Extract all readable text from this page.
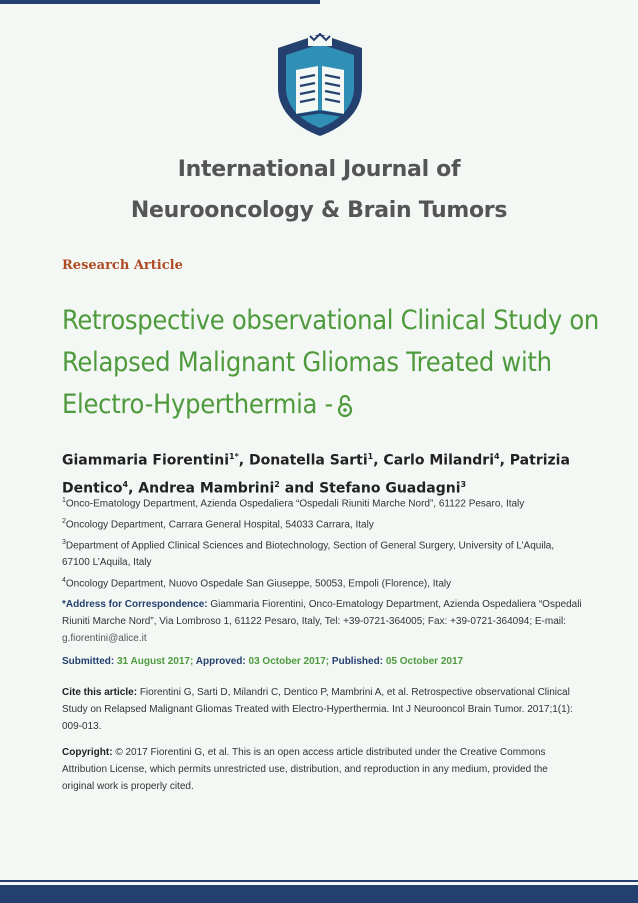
International Journal of
Neurooncology & Brain Tumors
Research Article
Retrospective observational Clinical Study on Relapsed Malignant Gliomas Treated with Electro-Hyperthermia -
Giammaria Fiorentini$^{1*}$, Donatella Sarti$^1$, Carlo Milandri$^4$, Patrizia Dentico$^4$, Andrea Mambrini$^2$ and Stefano Guadagni$^3$
$^1$Onco-Ematology Department, Azienda Ospedaliera “Ospedali Riuniti Marche Nord”, 61122 Pesaro, Italy
$^2$Oncology Department, Carrara General Hospital, 54033 Carrara, Italy
$^3$Department of Applied Clinical Sciences and Biotechnology, Section of General Surgery, University of L’Aquila, 67100 L’Aquila, Italy
$^4$Oncology Department, Nuovo Ospedale San Giuseppe, 50053, Empoli (Florence), Italy
*Address for Correspondence: Giammaria Fiorentini, Onco-Ematology Department, Azienda Ospedaliera “Ospedali Riuniti Marche Nord”, Via Lombroso 1, 61122 Pesaro, Italy, Tel: +39-0721-364005; Fax: +39-0721-364094; E-mail: g.fiorentini@alice.it
Submitted: 31 August 2017; Approved: 03 October 2017; Published: 05 October 2017
Cite this article: Fiorentini G, Sarti D, Milandri C, Dentico P, Mambrini A, et al. Retrospective observational Clinical Study on Relapsed Malignant Gliomas Treated with Electro-Hyperthermia. Int J Neurooncol Brain Tumor. 2017;1(1): 009-013.
Copyright: © 2017 Fiorentini G, et al. This is an open access article distributed under the Creative Commons Attribution License, which permits unrestricted use, distribution, and reproduction in any medium, provided the original work is properly cited.
